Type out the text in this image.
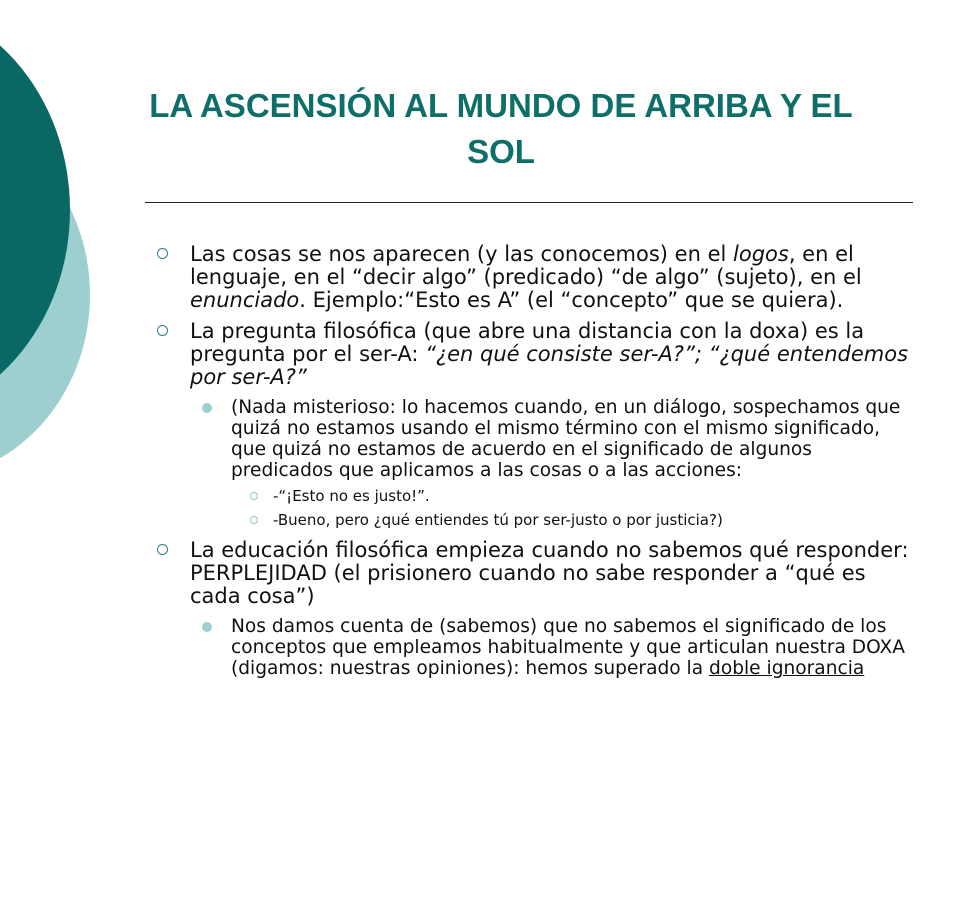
LA ASCENSIÓN AL MUNDO DE ARRIBA Y EL SOL
Las cosas se nos aparecen (y las conocemos) en el logos, en el lenguaje, en el “decir algo” (predicado) “de algo” (sujeto), en el enunciado. Ejemplo:“Esto es A” (el “concepto” que se quiera).
La pregunta filosófica (que abre una distancia con la doxa) es la pregunta por el ser-A: “¿en qué consiste ser-A?”; “¿qué entendemos por ser-A?”
(Nada misterioso: lo hacemos cuando, en un diálogo, sospechamos que quizá no estamos usando el mismo término con el mismo significado, que quizá no estamos de acuerdo en el significado de algunos predicados que aplicamos a las cosas o a las acciones:
-“¡Esto no es justo!”.
-Bueno, pero ¿qué entiendes tú por ser-justo o por justicia?)
La educación filosófica empieza cuando no sabemos qué responder: PERPLEJIDAD (el prisionero cuando no sabe responder a “qué es cada cosa”)
Nos damos cuenta de (sabemos) que no sabemos el significado de los conceptos que empleamos habitualmente y que articulan nuestra DOXA (digamos: nuestras opiniones): hemos superado la doble ignorancia
